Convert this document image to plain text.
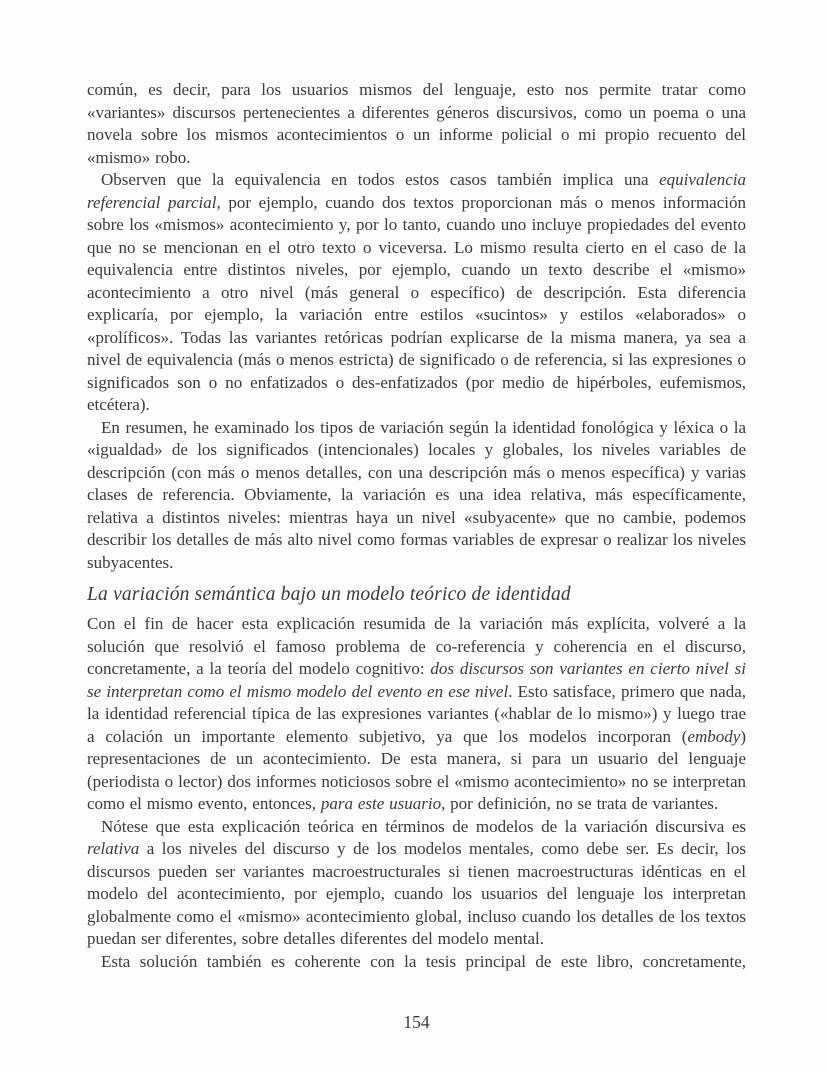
común, es decir, para los usuarios mismos del lenguaje, esto nos permite tratar como «variantes» discursos pertenecientes a diferentes géneros discursivos, como un poema o una novela sobre los mismos acontecimientos o un informe policial o mi propio recuento del «mismo» robo.

Observen que la equivalencia en todos estos casos también implica una equivalencia referencial parcial, por ejemplo, cuando dos textos proporcionan más o menos información sobre los «mismos» acontecimiento y, por lo tanto, cuando uno incluye propiedades del evento que no se mencionan en el otro texto o viceversa. Lo mismo resulta cierto en el caso de la equivalencia entre distintos niveles, por ejemplo, cuando un texto describe el «mismo» acontecimiento a otro nivel (más general o específico) de descripción. Esta diferencia explicaría, por ejemplo, la variación entre estilos «sucintos» y estilos «elaborados» o «prolíficos». Todas las variantes retóricas podrían explicarse de la misma manera, ya sea a nivel de equivalencia (más o menos estricta) de significado o de referencia, si las expresiones o significados son o no enfatizados o des-enfatizados (por medio de hipérboles, eufemismos, etcétera).

En resumen, he examinado los tipos de variación según la identidad fonológica y léxica o la «igualdad» de los significados (intencionales) locales y globales, los niveles variables de descripción (con más o menos detalles, con una descripción más o menos específica) y varias clases de referencia. Obviamente, la variación es una idea relativa, más específicamente, relativa a distintos niveles: mientras haya un nivel «subyacente» que no cambie, podemos describir los detalles de más alto nivel como formas variables de expresar o realizar los niveles subyacentes.

La variación semántica bajo un modelo teórico de identidad

Con el fin de hacer esta explicación resumida de la variación más explícita, volveré a la solución que resolvió el famoso problema de co-referencia y coherencia en el discurso, concretamente, a la teoría del modelo cognitivo: dos discursos son variantes en cierto nivel si se interpretan como el mismo modelo del evento en ese nivel. Esto satisface, primero que nada, la identidad referencial típica de las expresiones variantes («hablar de lo mismo») y luego trae a colación un importante elemento subjetivo, ya que los modelos incorporan (embody) representaciones de un acontecimiento. De esta manera, si para un usuario del lenguaje (periodista o lector) dos informes noticiosos sobre el «mismo acontecimiento» no se interpretan como el mismo evento, entonces, para este usuario, por definición, no se trata de variantes.

Nótese que esta explicación teórica en términos de modelos de la variación discursiva es relativa a los niveles del discurso y de los modelos mentales, como debe ser. Es decir, los discursos pueden ser variantes macroestructurales si tienen macroestructuras idénticas en el modelo del acontecimiento, por ejemplo, cuando los usuarios del lenguaje los interpretan globalmente como el «mismo» acontecimiento global, incluso cuando los detalles de los textos puedan ser diferentes, sobre detalles diferentes del modelo mental.

Esta solución también es coherente con la tesis principal de este libro, concretamente,

154
